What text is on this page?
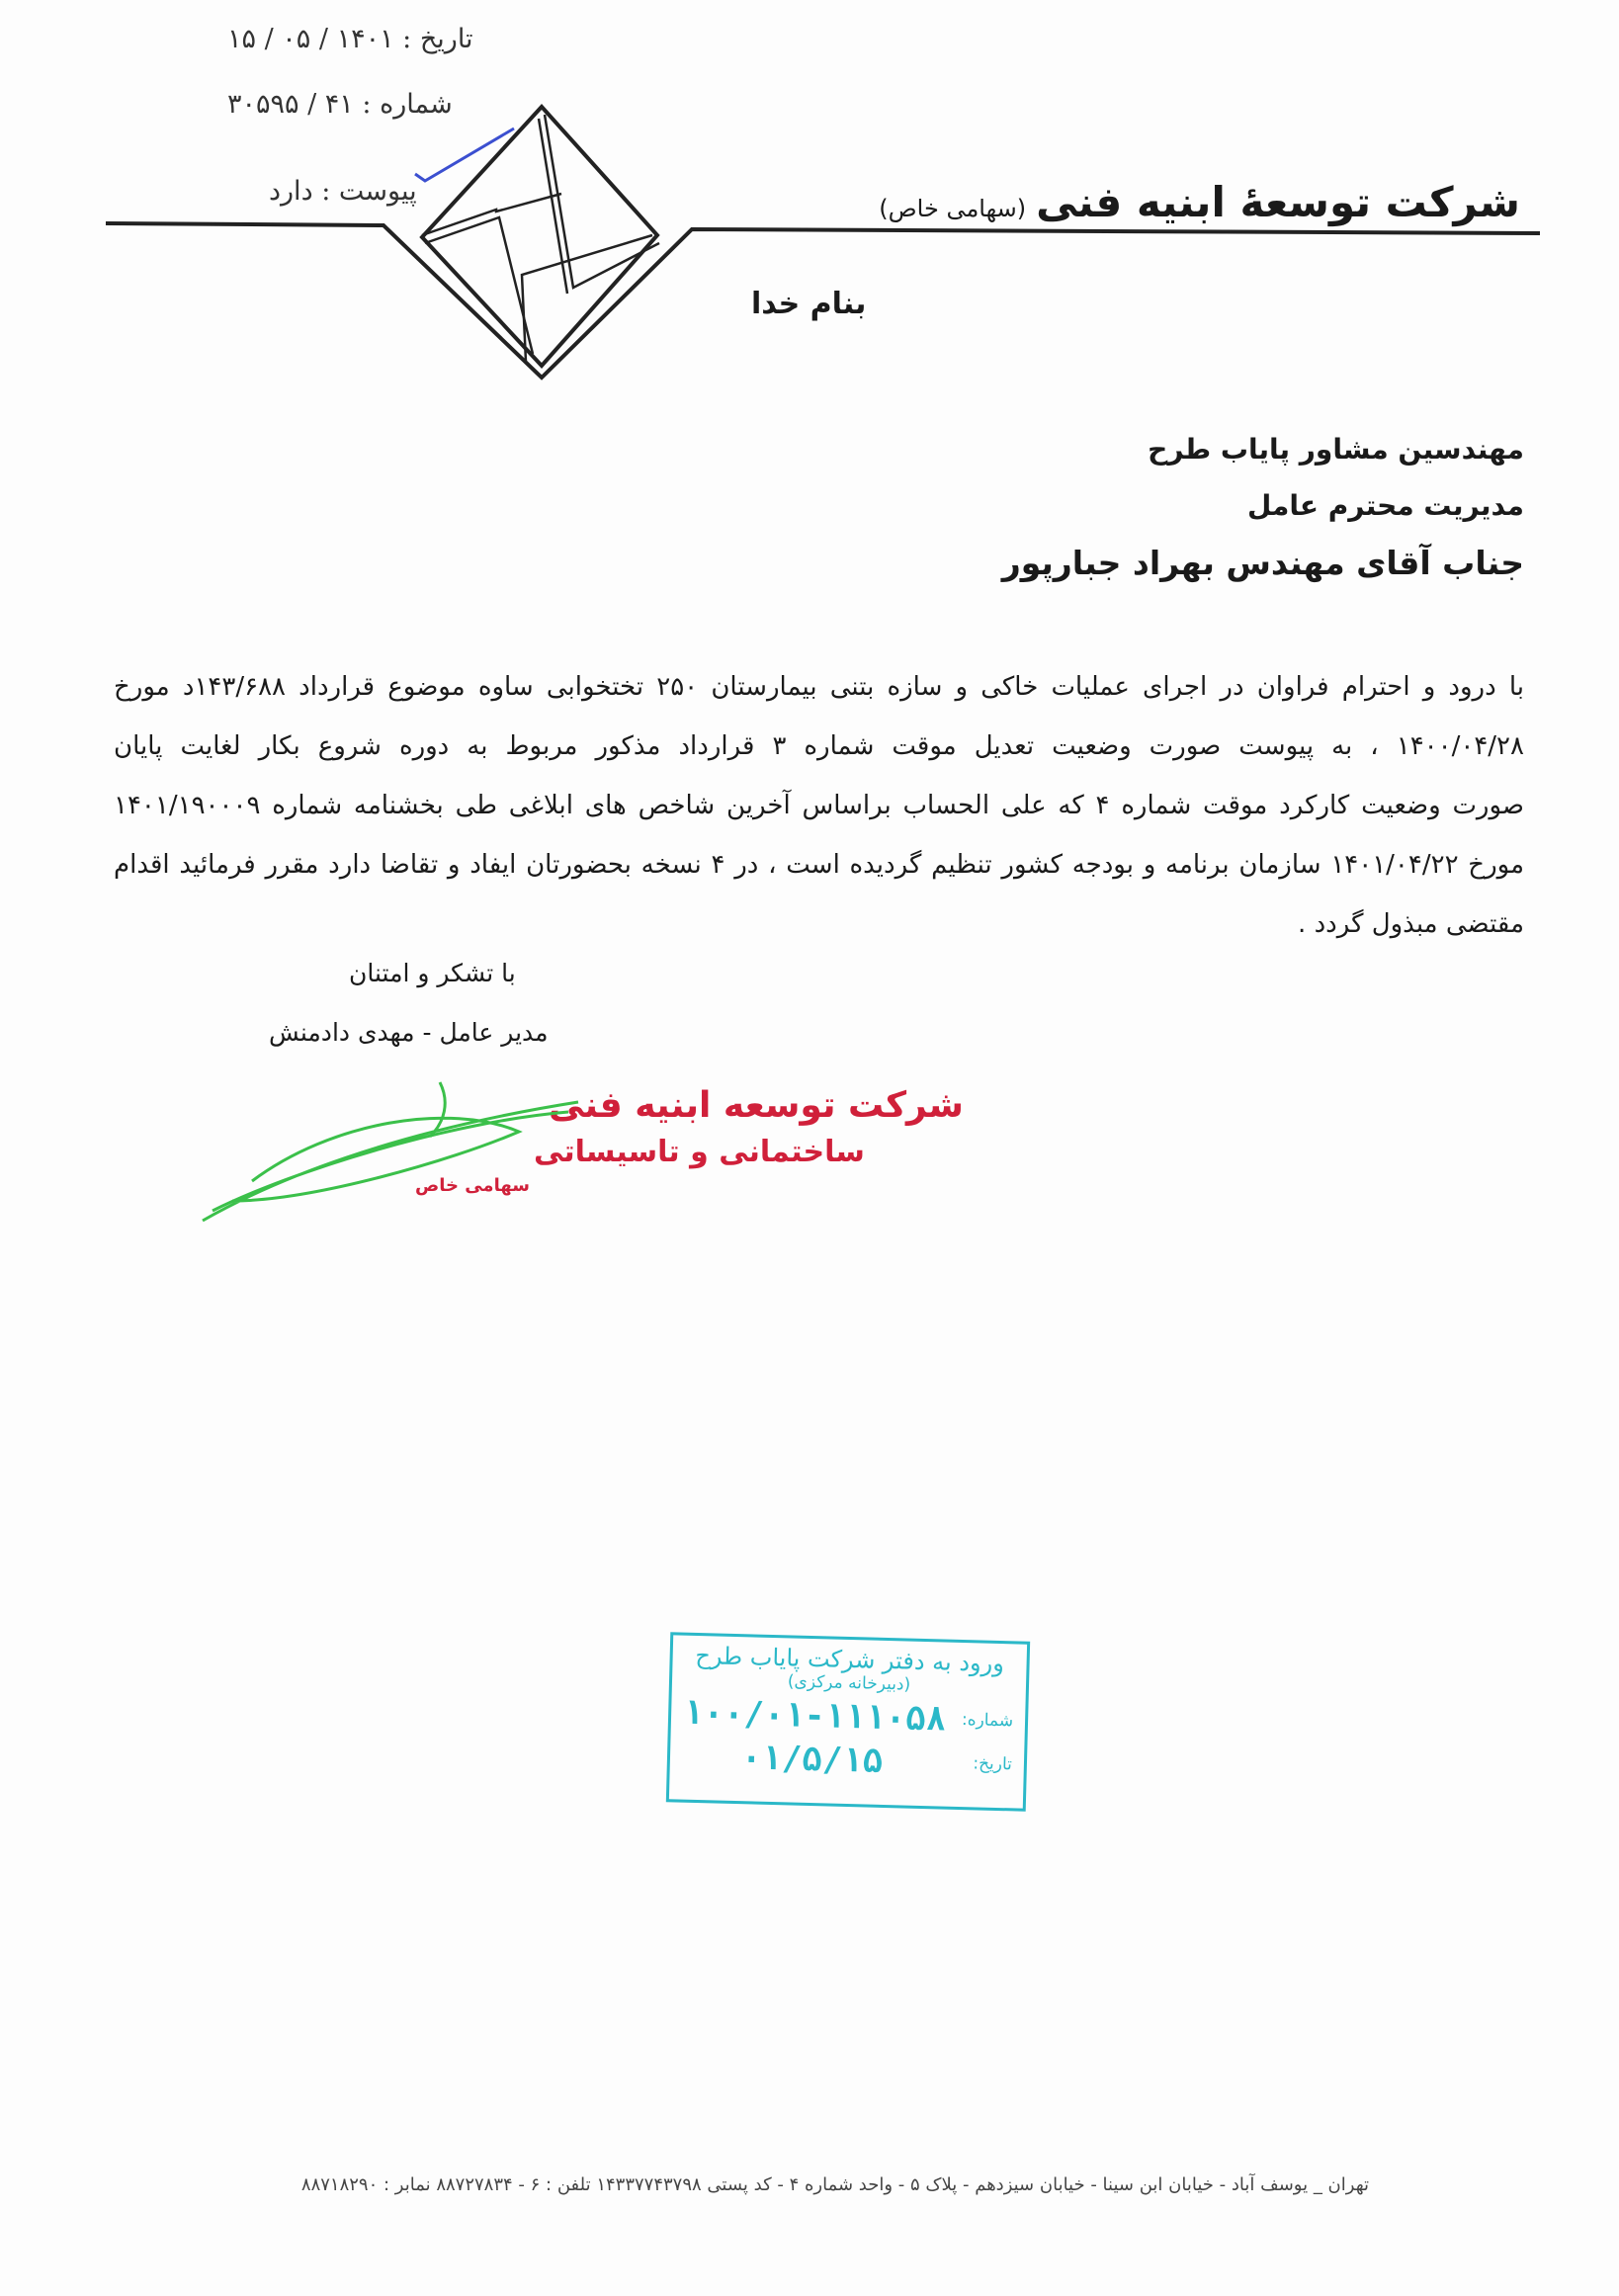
تاریخ : ۱۴۰۱ / ۰۵ / ۱۵
شماره : ۴۱ / ۳۰۵۹۵
پیوست : دارد	شرکت توسعهٔ ابنیه فنی(سهامی خاص)
بنام خدا
مهندسین مشاور پایاب طرح
مدیریت محترم عامل
جناب آقای مهندس بهراد جبارپور

با درود و احترام فراوان در اجرای عملیات خاکی و سازه بتنی بیمارستان ۲۵۰ تختخوابی ساوه موضوع قرارداد ۱۴۳/۶۸۸د مورخ

۱۴۰۰/۰۴/۲۸ ، به پیوست صورت وضعیت تعدیل موقت شماره ۳ قرارداد مذکور مربوط به دوره شروع بکار لغایت پایان

صورت وضعیت کارکرد موقت شماره ۴ که علی الحساب براساس آخرین شاخص های ابلاغی طی بخشنامه شماره ۱۴۰۱/۱۹۰۰۰۹

مورخ ۱۴۰۱/۰۴/۲۲ سازمان برنامه و بودجه کشور تنظیم گردیده است ، در ۴ نسخه بحضورتان ایفاد و تقاضا دارد مقرر فرمائید اقدام

مقتضی مبذول گردد .

با تشکر و امتنان
مدیر عامل - مهدی دادمنش
شرکت توسعه ابنیه فنی
ساختمانی و تاسیساتی
سهامی خاص
ورود به دفتر شرکت پایاب طرح
(دبیرخانه مرکزی)
شماره:
۱۰۰/۰۱-۱۱۱۰۵۸
تاریخ:
۰۱/۵/۱۵
تهران _ یوسف آباد - خیابان ابن سینا - خیابان سیزدهم - پلاک ۵ - واحد شماره ۴ - کد پستی ۱۴۳۳۷۷۴۳۷۹۸ تلفن : ۶ - ۸۸۷۲۷۸۳۴ نمابر : ۸۸۷۱۸۲۹۰
